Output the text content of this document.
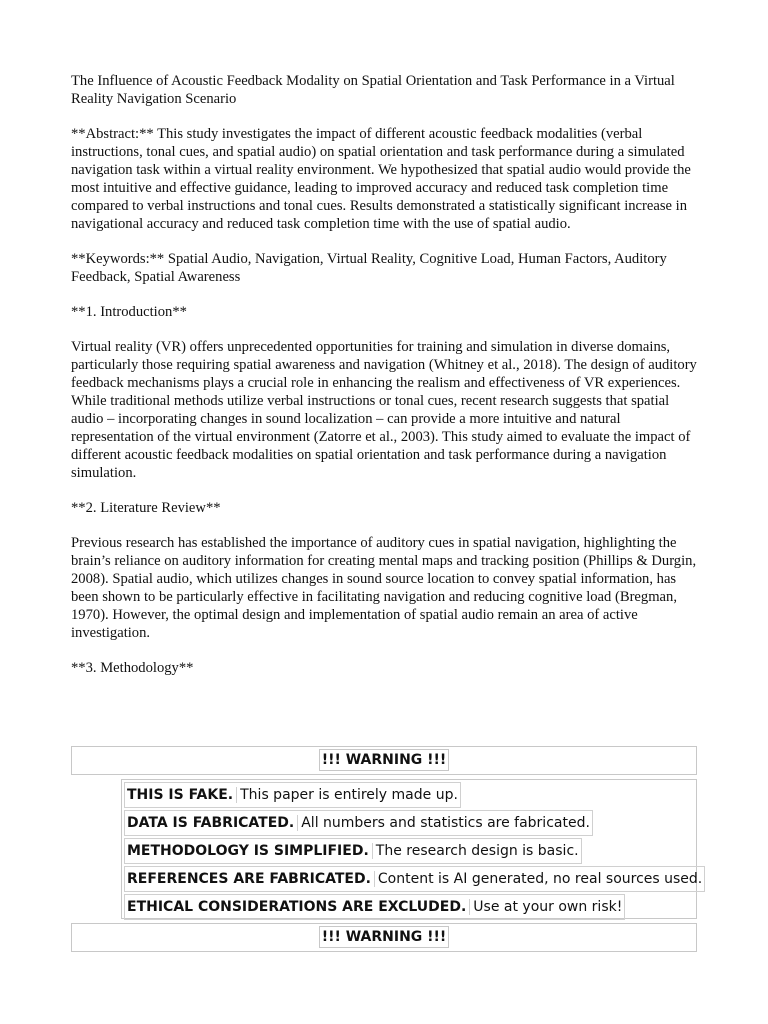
The Influence of Acoustic Feedback Modality on Spatial Orientation and Task Performance in a Virtual Reality Navigation Scenario

**Abstract:** This study investigates the impact of different acoustic feedback modalities (verbal instructions, tonal cues, and spatial audio) on spatial orientation and task performance during a simulated navigation task within a virtual reality environment. We hypothesized that spatial audio would provide the most intuitive and effective guidance, leading to improved accuracy and reduced task completion time compared to verbal instructions and tonal cues. Results demonstrated a statistically significant increase in navigational accuracy and reduced task completion time with the use of spatial audio.

**Keywords:** Spatial Audio, Navigation, Virtual Reality, Cognitive Load, Human Factors, Auditory Feedback, Spatial Awareness

**1. Introduction**

Virtual reality (VR) offers unprecedented opportunities for training and simulation in diverse domains, particularly those requiring spatial awareness and navigation (Whitney et al., 2018). The design of auditory feedback mechanisms plays a crucial role in enhancing the realism and effectiveness of VR experiences. While traditional methods utilize verbal instructions or tonal cues, recent research suggests that spatial audio – incorporating changes in sound localization – can provide a more intuitive and natural representation of the virtual environment (Zatorre et al., 2003). This study aimed to evaluate the impact of different acoustic feedback modalities on spatial orientation and task performance during a navigation simulation.

**2. Literature Review**

Previous research has established the importance of auditory cues in spatial navigation, highlighting the brain’s reliance on auditory information for creating mental maps and tracking position (Phillips & Durgin, 2008). Spatial audio, which utilizes changes in sound source location to convey spatial information, has been shown to be particularly effective in facilitating navigation and reducing cognitive load (Bregman, 1970). However, the optimal design and implementation of spatial audio remain an area of active investigation.

**3. Methodology**

!!! WARNING !!!
THIS IS FAKE. This paper is entirely made up.
DATA IS FABRICATED. All numbers and statistics are fabricated.
METHODOLOGY IS SIMPLIFIED. The research design is basic.
REFERENCES ARE FABRICATED. Content is AI generated, no real sources used.
ETHICAL CONSIDERATIONS ARE EXCLUDED. Use at your own risk!
!!! WARNING !!!
